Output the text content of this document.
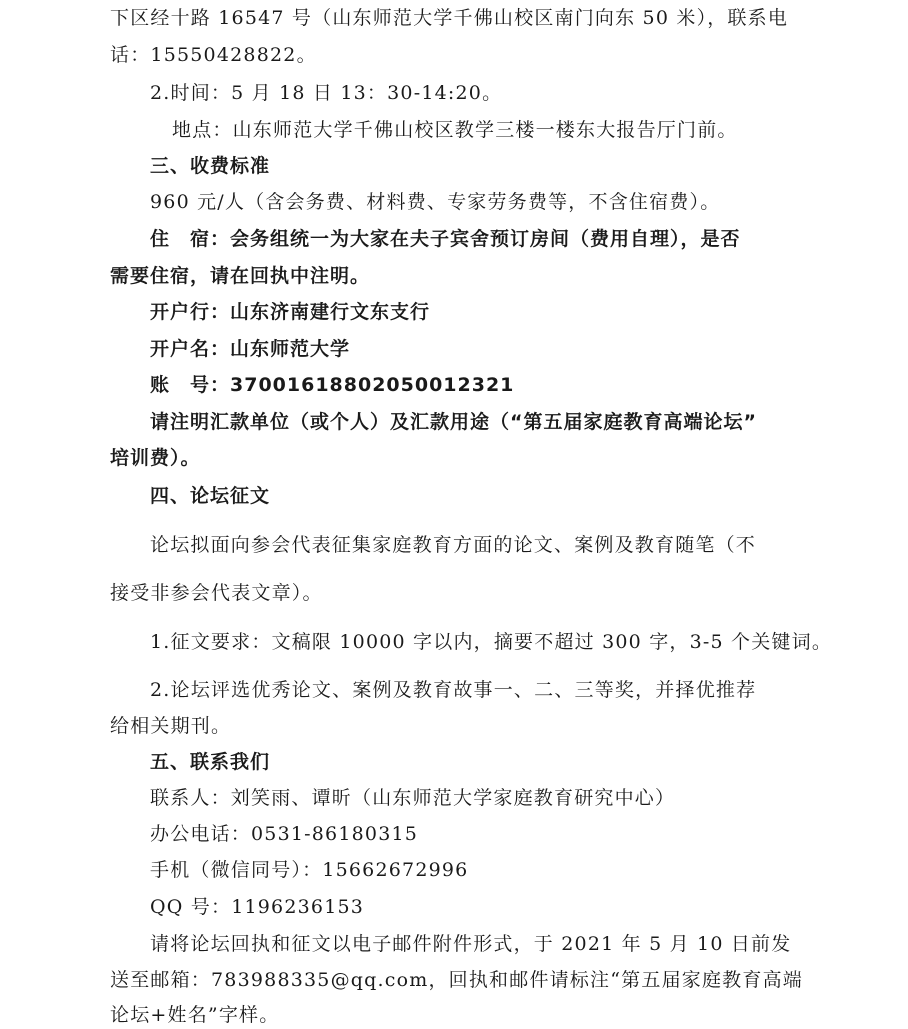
下区经十路 16547 号（山东师范大学千佛山校区南门向东 50 米），联系电
话：15550428822。
2.时间：5 月 18 日 13：30-14:20。
地点：山东师范大学千佛山校区教学三楼一楼东大报告厅门前。
三、收费标准
960 元/人（含会务费、材料费、专家劳务费等，不含住宿费）。
住　宿：会务组统一为大家在夫子宾舍预订房间（费用自理），是否
需要住宿，请在回执中注明。
开户行：山东济南建行文东支行
开户名：山东师范大学
账　号：37001618802050012321
请注明汇款单位（或个人）及汇款用途（“第五届家庭教育高端论坛”
培训费）。
四、论坛征文
论坛拟面向参会代表征集家庭教育方面的论文、案例及教育随笔（不
接受非参会代表文章）。
1.征文要求：文稿限 10000 字以内，摘要不超过 300 字，3-5 个关键词。
2.论坛评选优秀论文、案例及教育故事一、二、三等奖，并择优推荐
给相关期刊。
五、联系我们
联系人：刘笑雨、谭昕（山东师范大学家庭教育研究中心）
办公电话：0531-86180315
手机（微信同号）：15662672996
QQ 号：1196236153
请将论坛回执和征文以电子邮件附件形式，于 2021 年 5 月 10 日前发
送至邮箱：783988335@qq.com，回执和邮件请标注“第五届家庭教育高端
论坛+姓名”字样。
